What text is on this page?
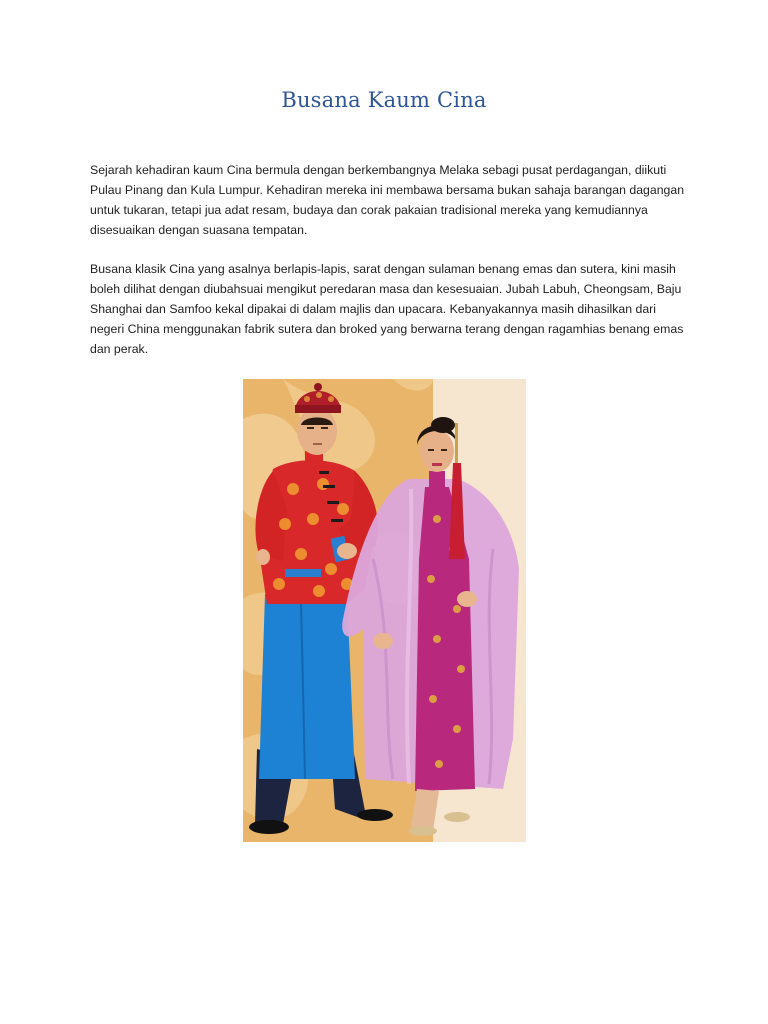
Busana Kaum Cina

Sejarah kehadiran kaum Cina bermula dengan berkembangnya Melaka sebagi pusat perdagangan, diikuti Pulau Pinang dan Kula Lumpur. Kehadiran mereka ini membawa bersama bukan sahaja barangan dagangan untuk tukaran, tetapi jua adat resam, budaya dan corak pakaian tradisional mereka yang kemudiannya disesuaikan dengan suasana tempatan.

Busana klasik Cina yang asalnya berlapis-lapis, sarat dengan sulaman benang emas dan sutera, kini masih boleh dilihat dengan diubahsuai mengikut peredaran masa dan kesesuaian. Jubah Labuh, Cheongsam, Baju Shanghai dan Samfoo kekal dipakai di dalam majlis dan upacara. Kebanyakannya masih dihasilkan dari negeri China menggunakan fabrik sutera dan broked yang berwarna terang dengan ragamhias benang emas dan perak.
